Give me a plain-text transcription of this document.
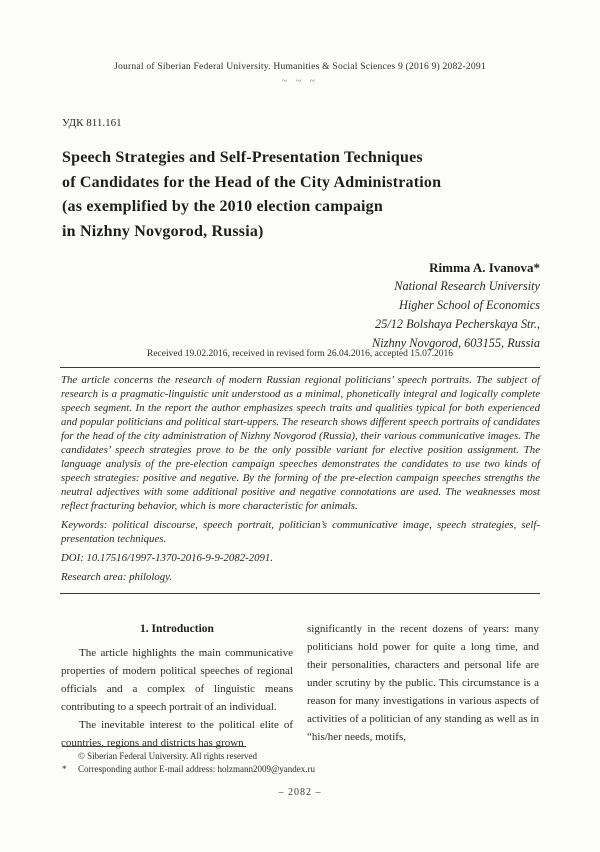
Journal of Siberian Federal University. Humanities & Social Sciences 9 (2016 9) 2082-2091
~ ~ ~
УДК 811.161
Speech Strategies and Self-Presentation Techniques
of Candidates for the Head of the City Administration
(as exemplified by the 2010 election campaign
in Nizhny Novgorod, Russia)
Rimma A. Ivanova*
National Research University
Higher School of Economics
25/12 Bolshaya Pecherskaya Str.,
Nizhny Novgorod, 603155, Russia
Received 19.02.2016, received in revised form 26.04.2016, accepted 15.07.2016

The article concerns the research of modern Russian regional politicians’ speech portraits. The subject of research is a pragmatic-linguistic unit understood as a minimal, phonetically integral and logically complete speech segment. In the report the author emphasizes speech traits and qualities typical for both experienced and popular politicians and political start-uppers. The research shows different speech portraits of candidates for the head of the city administration of Nizhny Novgorod (Russia), their various communicative images. The candidates’ speech strategies prove to be the only possible variant for elective position assignment. The language analysis of the pre-election campaign speeches demonstrates the candidates to use two kinds of speech strategies: positive and negative. By the forming of the pre-election campaign speeches strengths the neutral adjectives with some additional positive and negative connotations are used. The weaknesses most reflect fracturing behavior, which is more characteristic for animals.

Keywords: political discourse, speech portrait, politician’s communicative image, speech strategies, self-presentation techniques.

DOI: 10.17516/1997-1370-2016-9-9-2082-2091.

Research area: philology.

1. Introduction

The article highlights the main communicative properties of modern political speeches of regional officials and a complex of linguistic means contributing to a speech portrait of an individual.

The inevitable interest to the political elite of countries, regions and districts has grown

significantly in the recent dozens of years: many politicians hold power for quite a long time, and their personalities, characters and personal life are under scrutiny by the public. This circumstance is a reason for many investigations in various aspects of activities of a politician of any standing as well as in “his/her needs, motifs,

© Siberian Federal University. All rights reserved
*	Corresponding author E-mail address: holzmann2009@yandex.ru
– 2082 –
